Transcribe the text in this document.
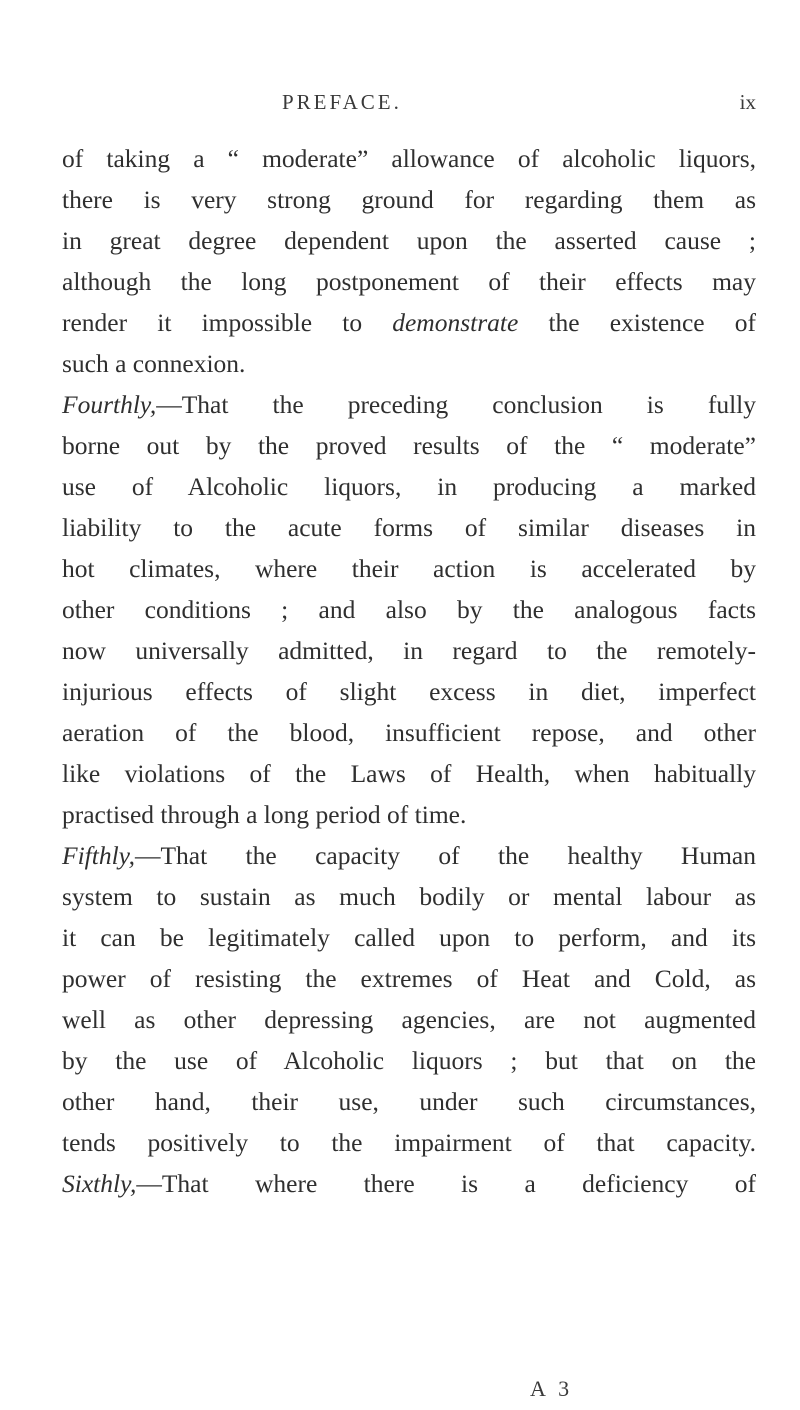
PREFACE.	ix
of taking a “ moderate” allowance of alcoholic liquors,
there is very strong ground for regarding them as
in great degree dependent upon the asserted cause ;
although the long postponement of their effects may
render it impossible to demonstrate the existence of
such a connexion.
Fourthly,—That the preceding conclusion is fully
borne out by the proved results of the “ moderate”
use of Alcoholic liquors, in producing a marked
liability to the acute forms of similar diseases in
hot climates, where their action is accelerated by
other conditions ; and also by the analogous facts
now universally admitted, in regard to the remotely-
injurious effects of slight excess in diet, imperfect
aeration of the blood, insufficient repose, and other
like violations of the Laws of Health, when habitually
practised through a long period of time.
Fifthly,—That the capacity of the healthy Human
system to sustain as much bodily or mental labour as
it can be legitimately called upon to perform, and its
power of resisting the extremes of Heat and Cold, as
well as other depressing agencies, are not augmented
by the use of Alcoholic liquors ; but that on the
other hand, their use, under such circumstances,
tends positively to the impairment of that capacity.
Sixthly,—That where there is a deficiency of
A 3
